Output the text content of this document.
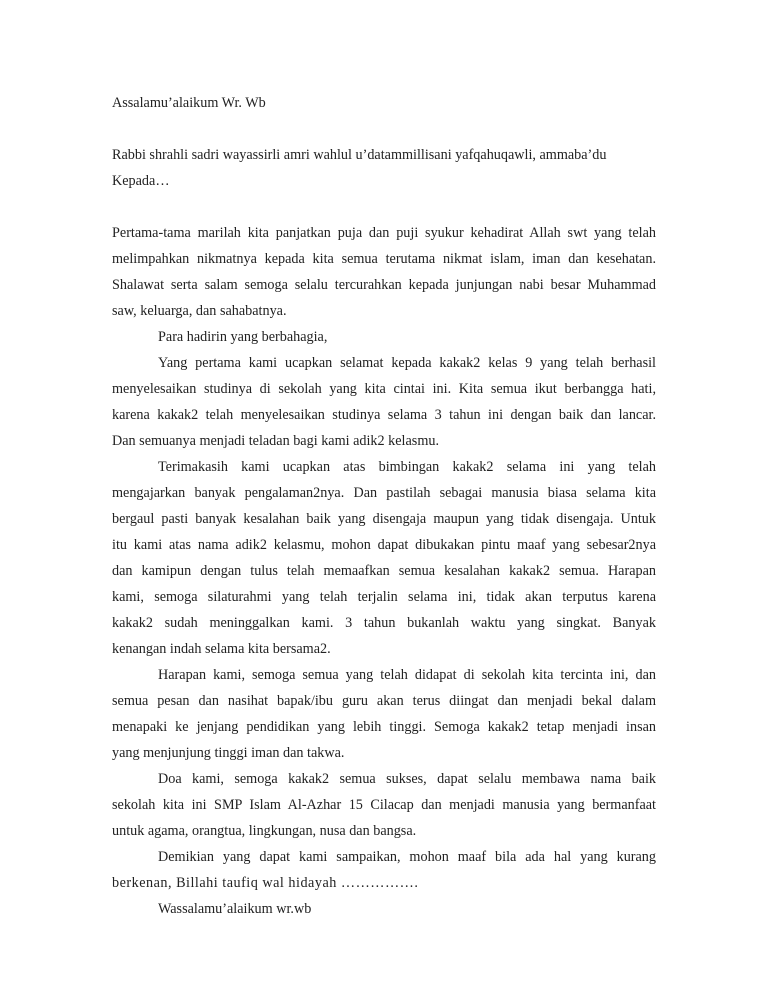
Assalamu’alaikum Wr. Wb
Rabbi shrahli sadri wayassirli amri wahlul u’datammillisani yafqahuqawli, ammaba’du
Kepada…
Pertama-tama marilah kita panjatkan puja dan puji syukur kehadirat Allah swt yang telah
melimpahkan nikmatnya kepada kita semua terutama nikmat islam, iman dan kesehatan.
Shalawat serta salam semoga selalu tercurahkan kepada junjungan nabi besar Muhammad
saw, keluarga, dan sahabatnya.
Para hadirin yang berbahagia,
Yang pertama kami ucapkan selamat kepada kakak2 kelas 9 yang telah berhasil
menyelesaikan studinya di sekolah yang kita cintai ini. Kita semua ikut berbangga hati,
karena kakak2 telah menyelesaikan studinya selama 3 tahun ini dengan baik dan lancar.
Dan semuanya menjadi teladan bagi kami adik2 kelasmu.
Terimakasih kami ucapkan atas bimbingan kakak2 selama ini yang telah
mengajarkan banyak pengalaman2nya. Dan pastilah sebagai manusia biasa selama kita
bergaul pasti banyak kesalahan baik yang disengaja maupun yang tidak disengaja. Untuk
itu kami atas nama adik2 kelasmu, mohon dapat dibukakan pintu maaf yang sebesar2nya
dan kamipun dengan tulus telah memaafkan semua kesalahan kakak2 semua. Harapan
kami, semoga silaturahmi yang telah terjalin selama ini, tidak akan terputus karena
kakak2 sudah meninggalkan kami. 3 tahun bukanlah waktu yang singkat. Banyak
kenangan indah selama kita bersama2.
Harapan kami, semoga semua yang telah didapat di sekolah kita tercinta ini, dan
semua pesan dan nasihat bapak/ibu guru akan terus diingat dan menjadi bekal dalam
menapaki ke jenjang pendidikan yang lebih tinggi. Semoga kakak2 tetap menjadi insan
yang menjunjung tinggi iman dan takwa.
Doa kami, semoga kakak2 semua sukses, dapat selalu membawa nama baik
sekolah kita ini SMP Islam Al-Azhar 15 Cilacap dan menjadi manusia yang bermanfaat
untuk agama, orangtua, lingkungan, nusa dan bangsa.
Demikian yang dapat kami sampaikan, mohon maaf bila ada hal yang kurang
berkenan, Billahi taufiq wal hidayah …………….
Wassalamu’alaikum wr.wb
